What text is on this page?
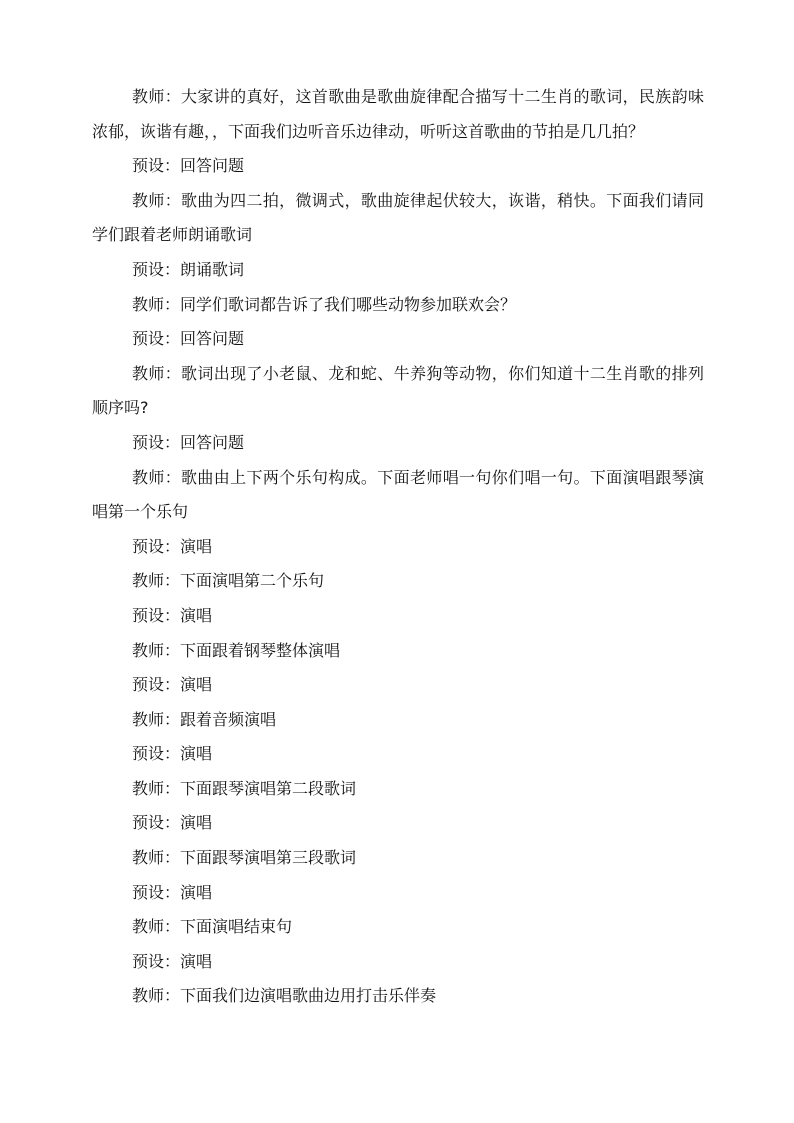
教师：大家讲的真好，这首歌曲是歌曲旋律配合描写十二生肖的歌词，民族韵味浓郁，诙谐有趣，，下面我们边听音乐边律动，听听这首歌曲的节拍是几几拍？

预设：回答问题

教师：歌曲为四二拍，微调式，歌曲旋律起伏较大，诙谐，稍快。下面我们请同学们跟着老师朗诵歌词

预设：朗诵歌词

教师：同学们歌词都告诉了我们哪些动物参加联欢会？

预设：回答问题

教师：歌词出现了小老鼠、龙和蛇、牛养狗等动物，你们知道十二生肖歌的排列顺序吗?

预设：回答问题

教师：歌曲由上下两个乐句构成。下面老师唱一句你们唱一句。下面演唱跟琴演唱第一个乐句

预设：演唱

教师：下面演唱第二个乐句

预设：演唱

教师：下面跟着钢琴整体演唱

预设：演唱

教师：跟着音频演唱

预设：演唱

教师：下面跟琴演唱第二段歌词

预设：演唱

教师：下面跟琴演唱第三段歌词

预设：演唱

教师：下面演唱结束句

预设：演唱

教师：下面我们边演唱歌曲边用打击乐伴奏
